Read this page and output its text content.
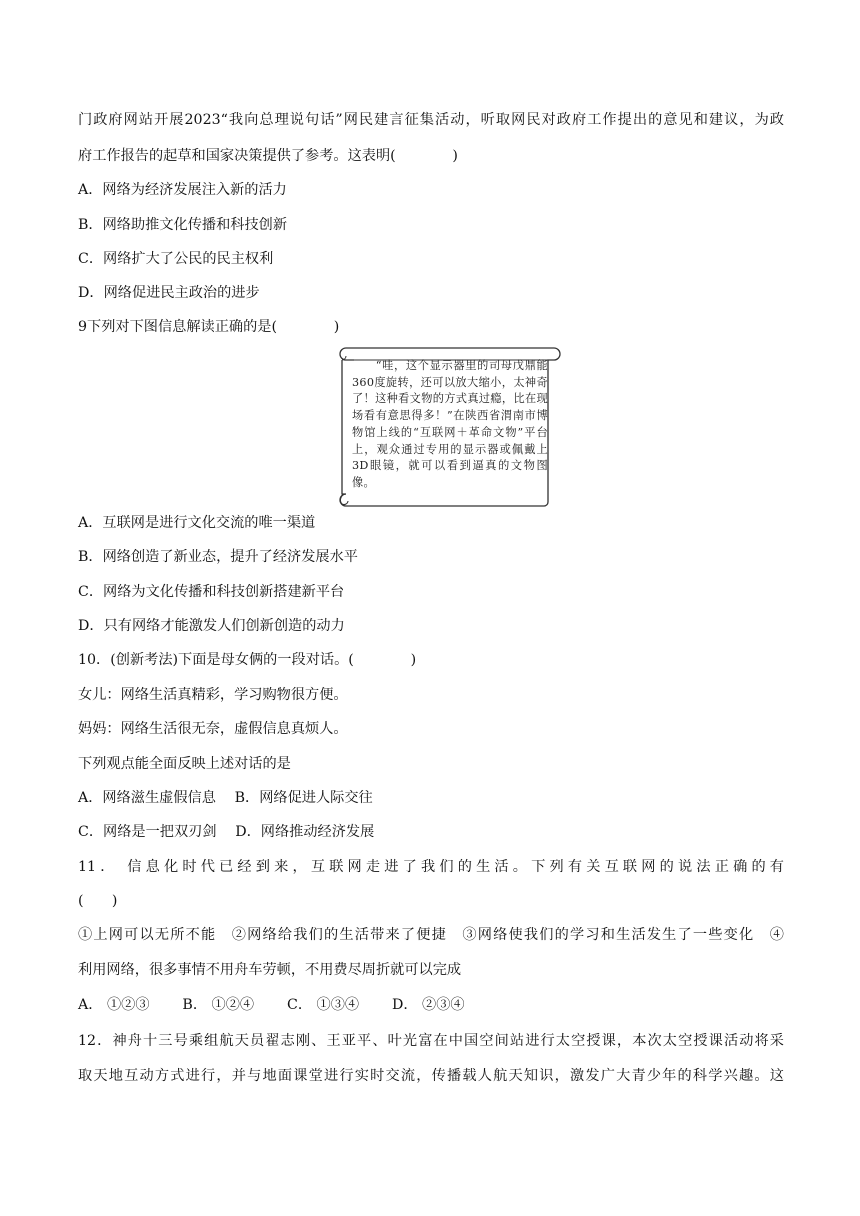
门政府网站开展2023“我向总理说句话”网民建言征集活动，听取网民对政府工作提出的意见和建议，为政
府工作报告的起草和国家决策提供了参考。这表明(　　　　)
A．网络为经济发展注入新的活力
B．网络助推文化传播和科技创新
C．网络扩大了公民的民主权利
D．网络促进民主政治的进步
9下列对下图信息解读正确的是(　　　　)
　　“哇，这个显示器里的司母戊鼎能360度旋转，还可以放大缩小，太神奇了！这种看文物的方式真过瘾，比在现场看有意思得多！”在陕西省渭南市博物馆上线的“互联网＋革命文物”平台上，观众通过专用的显示器或佩戴上3D眼镜，就可以看到逼真的文物图像。
A．互联网是进行文化交流的唯一渠道
B．网络创造了新业态，提升了经济发展水平
C．网络为文化传播和科技创新搭建新平台
D．只有网络才能激发人们创新创造的动力
10．(创新考法)下面是母女俩的一段对话。(　　　　)
女儿：网络生活真精彩，学习购物很方便。
妈妈：网络生活很无奈，虚假信息真烦人。
下列观点能全面反映上述对话的是
A．网络滋生虚假信息　 B．网络促进人际交往
C．网络是一把双刃剑　 D．网络推动经济发展
11． 信息化时代已经到来，互联网走进了我们的生活。下列有关互联网的说法正确的有
(　　)
①上网可以无所不能　②网络给我们的生活带来了便捷　③网络使我们的学习和生活发生了一些变化　④
利用网络，很多事情不用舟车劳顿，不用费尽周折就可以完成
A． ①②③　　 B． ①②④　　 C． ①③④　　 D． ②③④
12．神舟十三号乘组航天员翟志刚、王亚平、叶光富在中国空间站进行太空授课，本次太空授课活动将采
取天地互动方式进行，并与地面课堂进行实时交流，传播载人航天知识，激发广大青少年的科学兴趣。这
